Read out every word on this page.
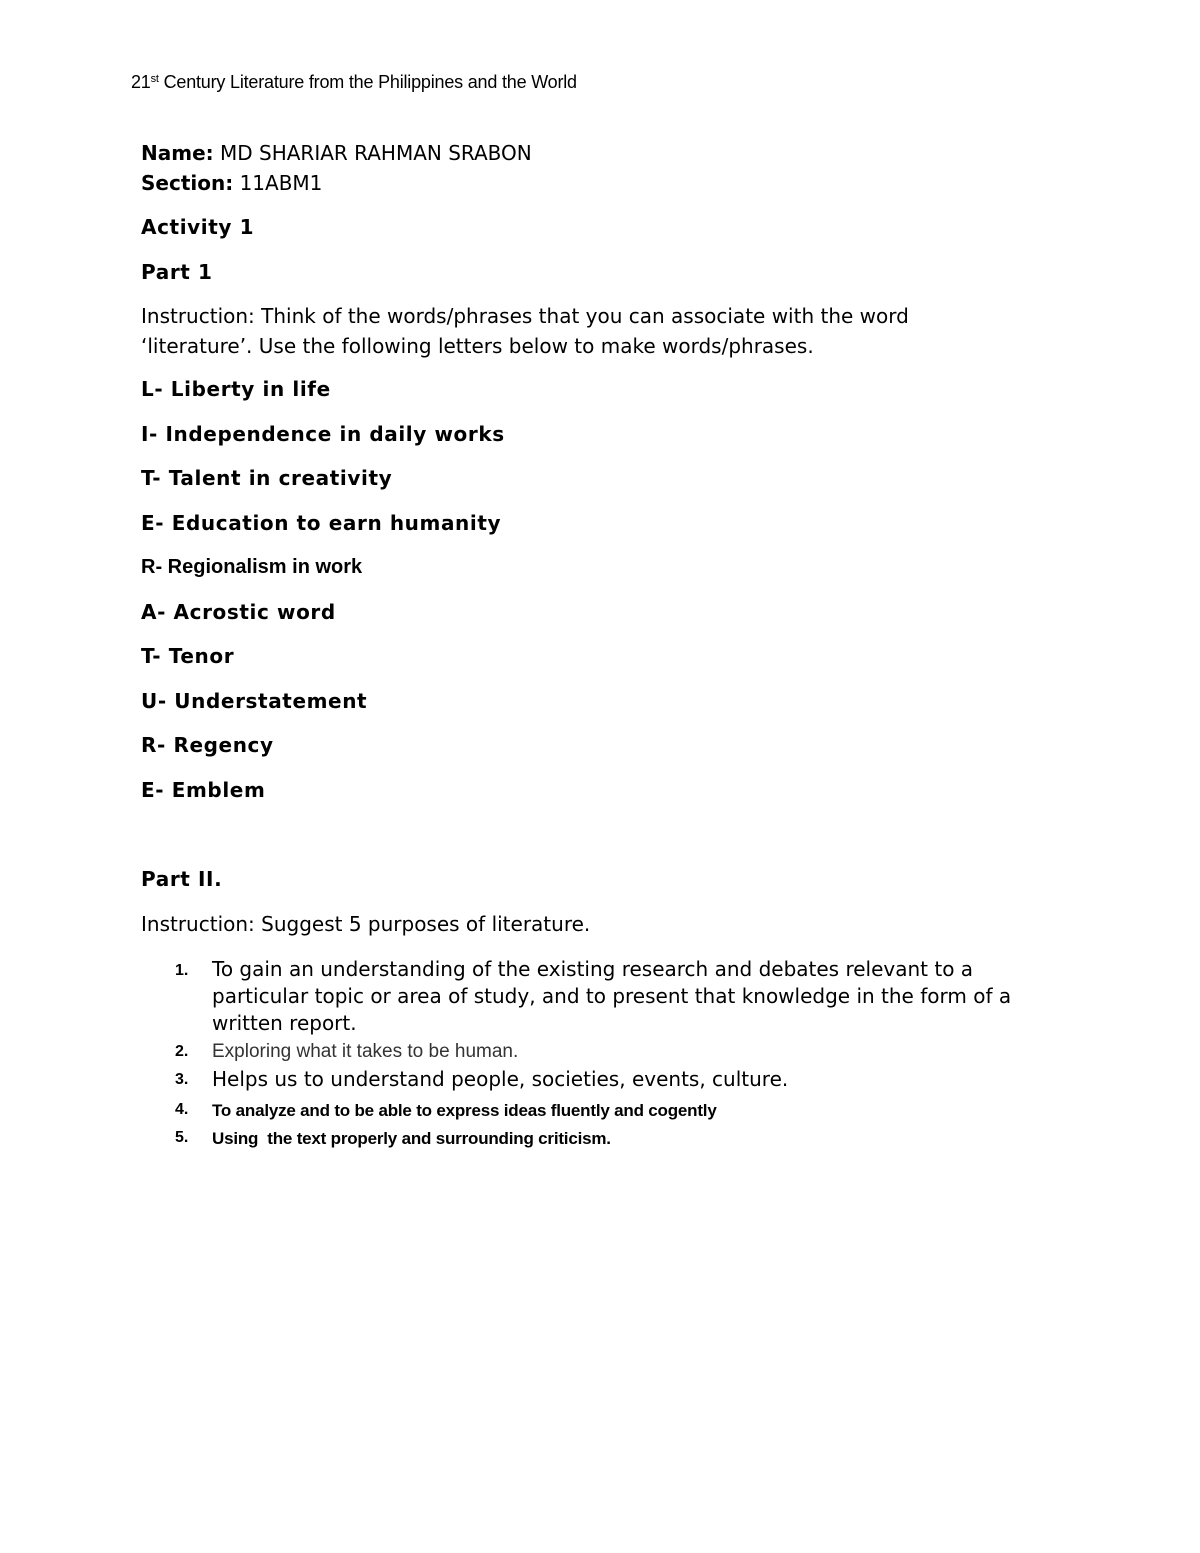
21st Century Literature from the Philippines and the World
Name: MD SHARIAR RAHMAN SRABON
Section: 11ABM1
Activity 1
Part 1
Instruction: Think of the words/phrases that you can associate with the word
‘literature’. Use the following letters below to make words/phrases.
L- Liberty in life
I- Independence in daily works
T- Talent in creativity
E- Education to earn humanity
R- Regionalism in work
A- Acrostic word
T- Tenor
U- Understatement
R- Regency
E- Emblem
Part II.
Instruction: Suggest 5 purposes of literature.
1. To gain an understanding of the existing research and debates relevant to a particular topic or area of study, and to present that knowledge in the form of a written report.
2. Exploring what it takes to be human.
3. Helps us to understand people, societies, events, culture.
4. To analyze and to be able to express ideas fluently and cogently
5. Using  the text properly and surrounding criticism.
